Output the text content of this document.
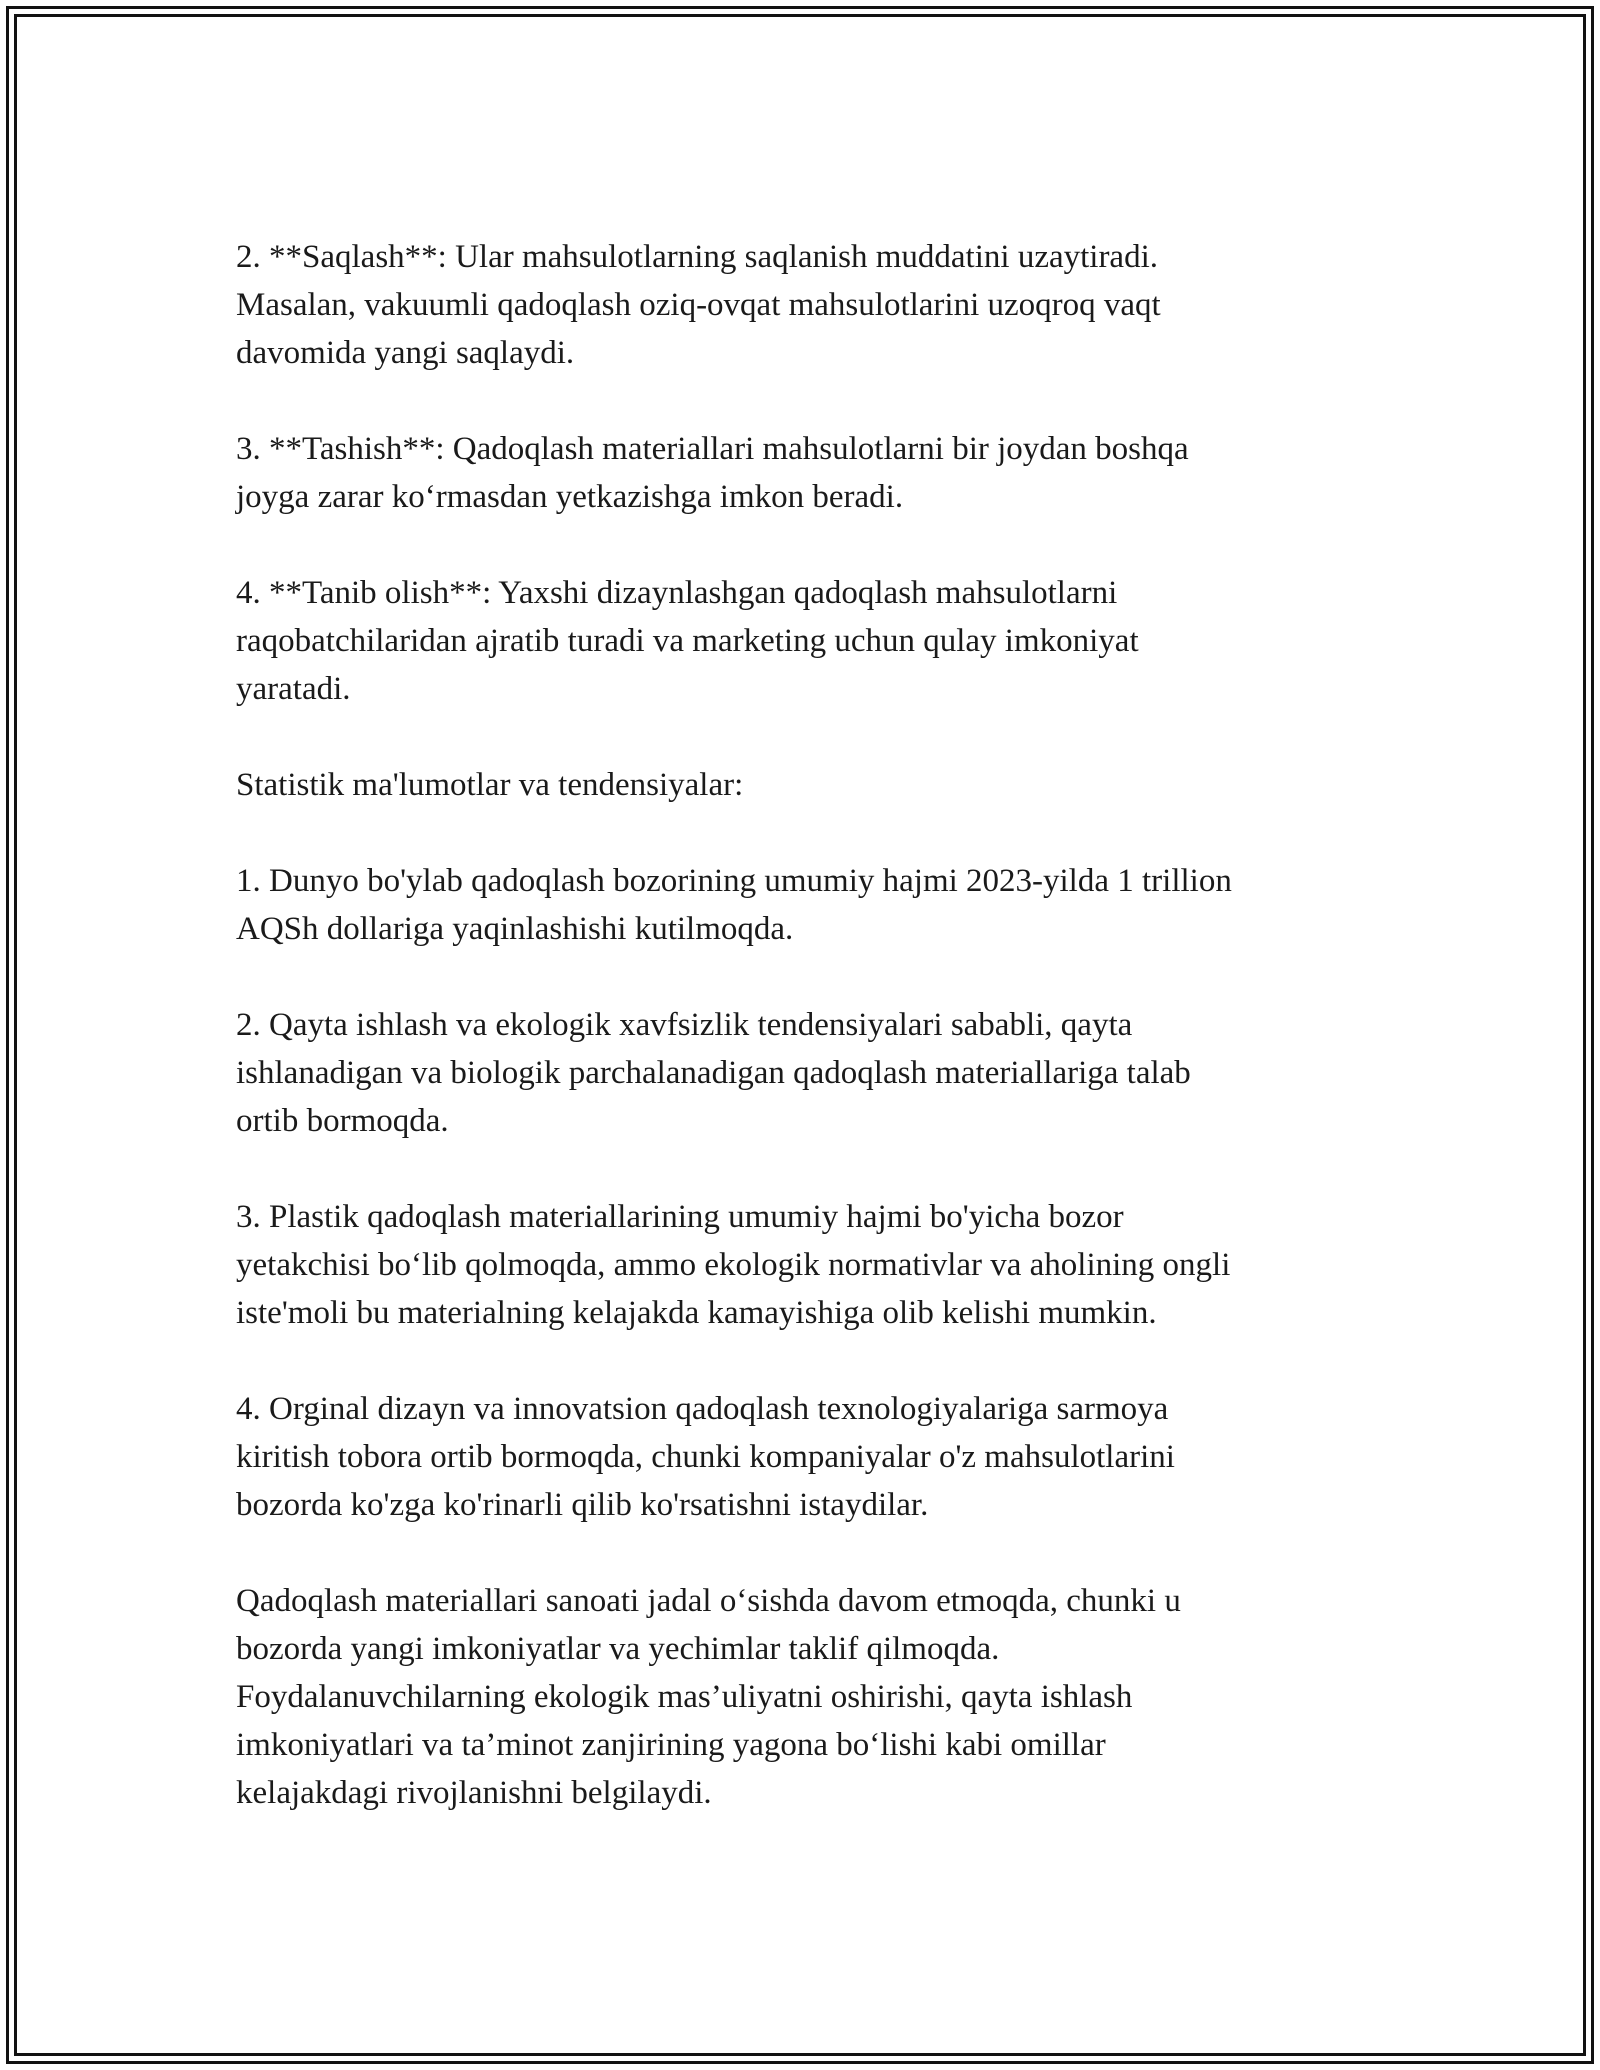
2. **Saqlash**: Ular mahsulotlarning saqlanish muddatini uzaytiradi.
Masalan, vakuumli qadoqlash oziq-ovqat mahsulotlarini uzoqroq vaqt
davomida yangi saqlaydi.

3. **Tashish**: Qadoqlash materiallari mahsulotlarni bir joydan boshqa
joyga zarar ko‘rmasdan yetkazishga imkon beradi.

4. **Tanib olish**: Yaxshi dizaynlashgan qadoqlash mahsulotlarni
raqobatchilaridan ajratib turadi va marketing uchun qulay imkoniyat
yaratadi.

Statistik ma'lumotlar va tendensiyalar:

1. Dunyo bo'ylab qadoqlash bozorining umumiy hajmi 2023-yilda 1 trillion
AQSh dollariga yaqinlashishi kutilmoqda.

2. Qayta ishlash va ekologik xavfsizlik tendensiyalari sababli, qayta
ishlanadigan va biologik parchalanadigan qadoqlash materiallariga talab
ortib bormoqda.

3. Plastik qadoqlash materiallarining umumiy hajmi bo'yicha bozor
yetakchisi bo‘lib qolmoqda, ammo ekologik normativlar va aholining ongli
iste'moli bu materialning kelajakda kamayishiga olib kelishi mumkin.

4. Orginal dizayn va innovatsion qadoqlash texnologiyalariga sarmoya
kiritish tobora ortib bormoqda, chunki kompaniyalar o'z mahsulotlarini
bozorda ko'zga ko'rinarli qilib ko'rsatishni istaydilar.

Qadoqlash materiallari sanoati jadal o‘sishda davom etmoqda, chunki u
bozorda yangi imkoniyatlar va yechimlar taklif qilmoqda.
Foydalanuvchilarning ekologik mas’uliyatni oshirishi, qayta ishlash
imkoniyatlari va ta’minot zanjirining yagona bo‘lishi kabi omillar
kelajakdagi rivojlanishni belgilaydi.
